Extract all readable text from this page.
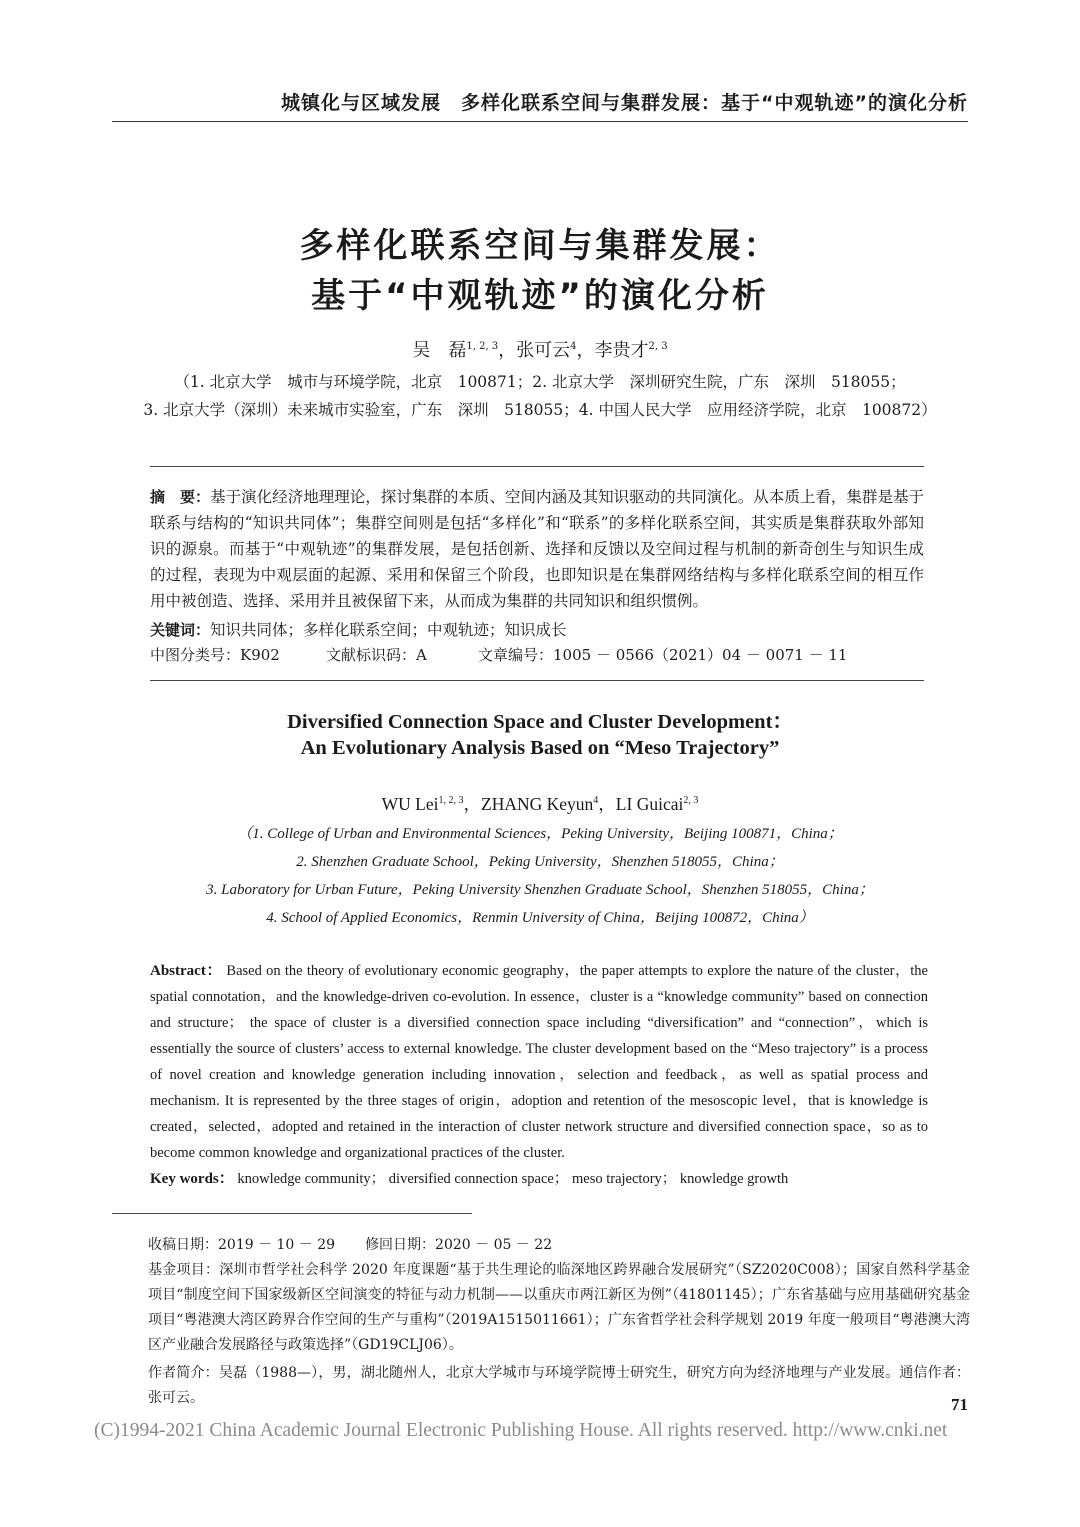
城镇化与区域发展 多样化联系空间与集群发展：基于“中观轨迹”的演化分析
多样化联系空间与集群发展：
基于“中观轨迹”的演化分析
吴　磊$^{1, 2, 3}$，张可云$^4$，李贵才$^{2, 3}$
（1. 北京大学　城市与环境学院，北京　100871；2. 北京大学　深圳研究生院，广东　深圳　518055；
3. 北京大学（深圳）未来城市实验室，广东　深圳　518055；4. 中国人民大学　应用经济学院，北京　100872）
摘　要：基于演化经济地理理论，探讨集群的本质、空间内涵及其知识驱动的共同演化。从本质上看，集群是基于联系与结构的“知识共同体”；集群空间则是包括“多样化”和“联系”的多样化联系空间，其实质是集群获取外部知识的源泉。而基于“中观轨迹”的集群发展，是包括创新、选择和反馈以及空间过程与机制的新奇创生与知识生成的过程，表现为中观层面的起源、采用和保留三个阶段，也即知识是在集群网络结构与多样化联系空间的相互作用中被创造、选择、采用并且被保留下来，从而成为集群的共同知识和组织惯例。
关键词：知识共同体；多样化联系空间；中观轨迹；知识成长
中图分类号：K902	文献标识码：A	文章编号：1005 － 0566（2021）04 － 0071 － 11
Diversified Connection Space and Cluster Development：
An Evolutionary Analysis Based on “Meso Trajectory”
WU Lei$^{1, 2, 3}$，ZHANG Keyun$^4$，LI Guicai$^{2, 3}$
（1. College of Urban and Environmental Sciences，Peking University，Beijing 100871，China；
2. Shenzhen Graduate School，Peking University，Shenzhen 518055，China；
3. Laboratory for Urban Future，Peking University Shenzhen Graduate School，Shenzhen 518055，China；
4. School of Applied Economics，Renmin University of China，Beijing 100872，China）
Abstract： Based on the theory of evolutionary economic geography，the paper attempts to explore the nature of the cluster，the spatial connotation，and the knowledge-driven co-evolution. In essence，cluster is a “knowledge community” based on connection and structure； the space of cluster is a diversified connection space including “diversification” and “connection”，which is essentially the source of clusters’ access to external knowledge. The cluster development based on the “Meso trajectory” is a process of novel creation and knowledge generation including innovation，selection and feedback，as well as spatial process and mechanism. It is represented by the three stages of origin，adoption and retention of the mesoscopic level，that is knowledge is created，selected，adopted and retained in the interaction of cluster network structure and diversified connection space，so as to become common knowledge and organizational practices of the cluster.
Key words： knowledge community； diversified connection space； meso trajectory； knowledge growth
收稿日期：2019 － 10 － 29 修回日期：2020 － 05 － 22
基金项目：深圳市哲学社会科学 2020 年度课题“基于共生理论的临深地区跨界融合发展研究”（SZ2020C008）；国家自然科学基金项目“制度空间下国家级新区空间演变的特征与动力机制——以重庆市两江新区为例”（41801145）；广东省基础与应用基础研究基金项目“粤港澳大湾区跨界合作空间的生产与重构”（2019A1515011661）；广东省哲学社会科学规划 2019 年度一般项目“粤港澳大湾区产业融合发展路径与政策选择”（GD19CLJ06）。
作者简介：吴磊（1988—），男，湖北随州人，北京大学城市与环境学院博士研究生，研究方向为经济地理与产业发展。通信作者：张可云。	71
(C)1994-2021 China Academic Journal Electronic Publishing House. All rights reserved. http://www.cnki.net
